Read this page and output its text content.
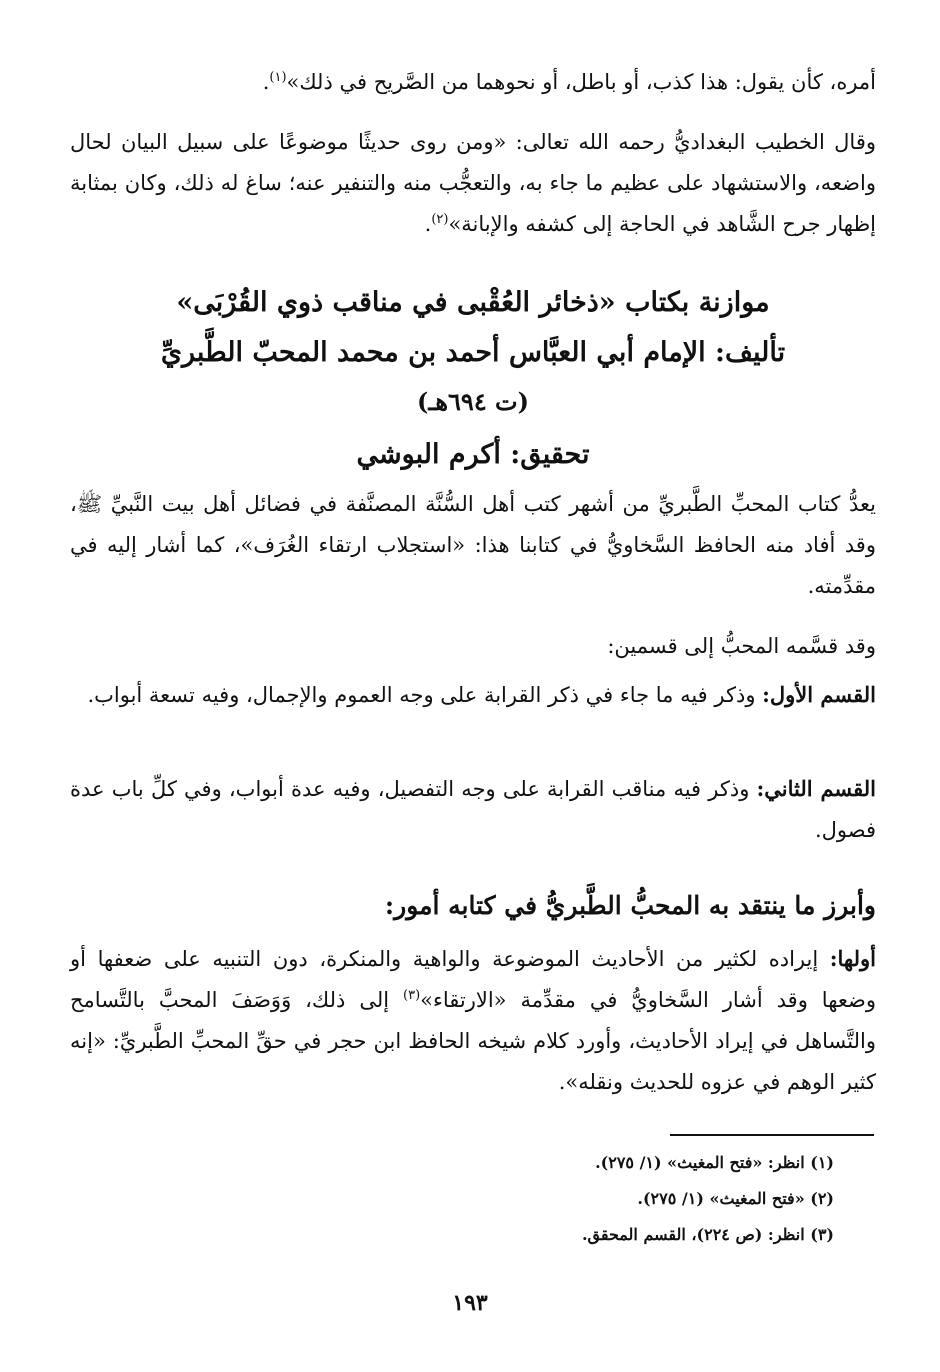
أمره، كأن يقول: هذا كذب، أو باطل، أو نحوهما من الصَّريح في ذلك»$^{(١)}$.

وقال الخطيب البغداديُّ رحمه الله تعالى: «ومن روى حديثًا موضوعًا على سبيل البيان لحال واضعه، والاستشهاد على عظيم ما جاء به، والتعجُّب منه والتنفير عنه؛ ساغ له ذلك، وكان بمثابة إظهار جرح الشَّاهد في الحاجة إلى كشفه والإبانة»$^{(٢)}$.

موازنة بكتاب «ذخائر العُقْبى في مناقب ذوي القُرْبَى»
تأليف: الإمام أبي العبَّاس أحمد بن محمد المحبّ الطَّبريِّ
(ت ٦٩٤هـ)
تحقيق: أكرم البوشي

يعدُّ كتاب المحبِّ الطَّبريِّ من أشهر كتب أهل السُّنَّة المصنَّفة في فضائل أهل بيت النَّبيِّ ﷺ، وقد أفاد منه الحافظ السَّخاويُّ في كتابنا هذا: «استجلاب ارتقاء الغُرَف»، كما أشار إليه في مقدِّمته.

وقد قسَّمه المحبُّ إلى قسمين:

القسم الأول: وذكر فيه ما جاء في ذكر القرابة على وجه العموم والإجمال، وفيه تسعة أبواب.

القسم الثاني: وذكر فيه مناقب القرابة على وجه التفصيل، وفيه عدة أبواب، وفي كلِّ باب عدة فصول.

وأبرز ما ينتقد به المحبُّ الطَّبريُّ في كتابه أمور:

أولها: إيراده لكثير من الأحاديث الموضوعة والواهية والمنكرة، دون التنبيه على ضعفها أو وضعها وقد أشار السَّخاويُّ في مقدِّمة «الارتقاء»$^{(٣)}$ إلى ذلك، وَوَصَفَ المحبَّ بالتَّسامح والتَّساهل في إيراد الأحاديث، وأورد كلام شيخه الحافظ ابن حجر في حقِّ المحبِّ الطَّبريِّ: «إنه كثير الوهم في عزوه للحديث ونقله».

(١) انظر: «فتح المغيث» (١/ ٢٧٥).

(٢) «فتح المغيث» (١/ ٢٧٥).

(٣) انظر: (ص ٢٢٤)، القسم المحقق.

١٩٣
